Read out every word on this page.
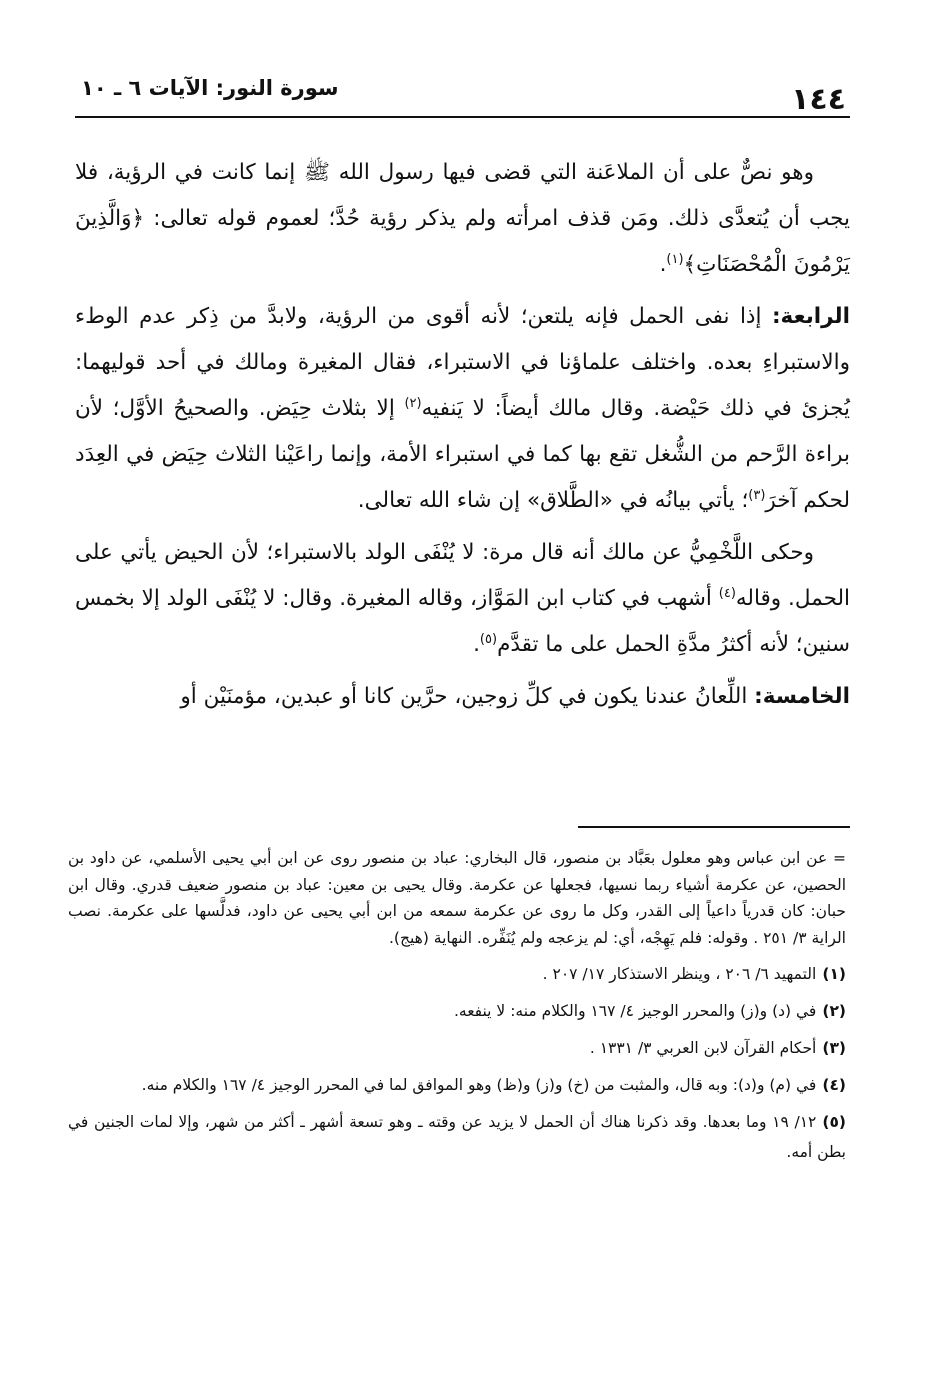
١٤٤
سورة النور: الآيات ٦ ـ ١٠

وهو نصٌّ على أن الملاعَنة التي قضى فيها رسول الله ﷺ إنما كانت في الرؤية، فلا يجب أن يُتعدَّى ذلك. ومَن قذف امرأته ولم يذكر رؤية حُدَّ؛ لعموم قوله تعالى: ﴿وَالَّذِينَ يَرْمُونَ الْمُحْصَنَاتِ﴾$^{(١)}$.

الرابعة: إذا نفى الحمل فإنه يلتعن؛ لأنه أقوى من الرؤية، ولابدَّ من ذِكر عدم الوطء والاستبراءِ بعده. واختلف علماؤنا في الاستبراء، فقال المغيرة ومالك في أحد قوليهما: يُجزئ في ذلك حَيْضة. وقال مالك أيضاً: لا يَنفيه$^{(٢)}$ إلا بثلاث حِيَض. والصحيحُ الأوَّل؛ لأن براءة الرَّحم من الشُّغل تقع بها كما في استبراء الأمة، وإنما راعَيْنا الثلاث حِيَض في العِدَد لحكم آخرَ$^{(٣)}$؛ يأتي بيانُه في «الطَّلاق» إن شاء الله تعالى.

وحكى اللَّخْمِيُّ عن مالك أنه قال مرة: لا يُنْفَى الولد بالاستبراء؛ لأن الحيض يأتي على الحمل. وقاله$^{(٤)}$ أشهب في كتاب ابن المَوَّاز، وقاله المغيرة. وقال: لا يُنْفَى الولد إلا بخمس سنين؛ لأنه أكثرُ مدَّةِ الحمل على ما تقدَّم$^{(٥)}$.

الخامسة: اللِّعانُ عندنا يكون في كلِّ زوجين، حرَّين كانا أو عبدين، مؤمنَيْن أو

= عن ابن عباس وهو معلول بعَبَّاد بن منصور، قال البخاري: عباد بن منصور روى عن ابن أبي يحيى الأسلمي، عن داود بن الحصين، عن عكرمة أشياء ربما نسيها، فجعلها عن عكرمة. وقال يحيى بن معين: عباد بن منصور ضعيف قدري. وقال ابن حبان: كان قدرياً داعياً إلى القدر، وكل ما روى عن عكرمة سمعه من ابن أبي يحيى عن داود، فدلَّسها على عكرمة. نصب الراية ٣/ ٢٥١ . وقوله: فلم يَهِجْه، أي: لم يزعجه ولم يُنَفِّره. النهاية (هيج).

(١)التمهيد ٦/ ٢٠٦ ، وينظر الاستذكار ١٧/ ٢٠٧ .

(٢)في (د) و(ز) والمحرر الوجيز ٤/ ١٦٧ والكلام منه: لا ينفعه.

(٣)أحكام القرآن لابن العربي ٣/ ١٣٣١ .

(٤)في (م) و(د): وبه قال، والمثبت من (خ) و(ز) و(ظ) وهو الموافق لما في المحرر الوجيز ٤/ ١٦٧ والكلام منه.

(٥)١٢/ ١٩ وما بعدها. وقد ذكرنا هناك أن الحمل لا يزيد عن وقته ـ وهو تسعة أشهر ـ أكثر من شهر، وإلا لمات الجنين في بطن أمه.
